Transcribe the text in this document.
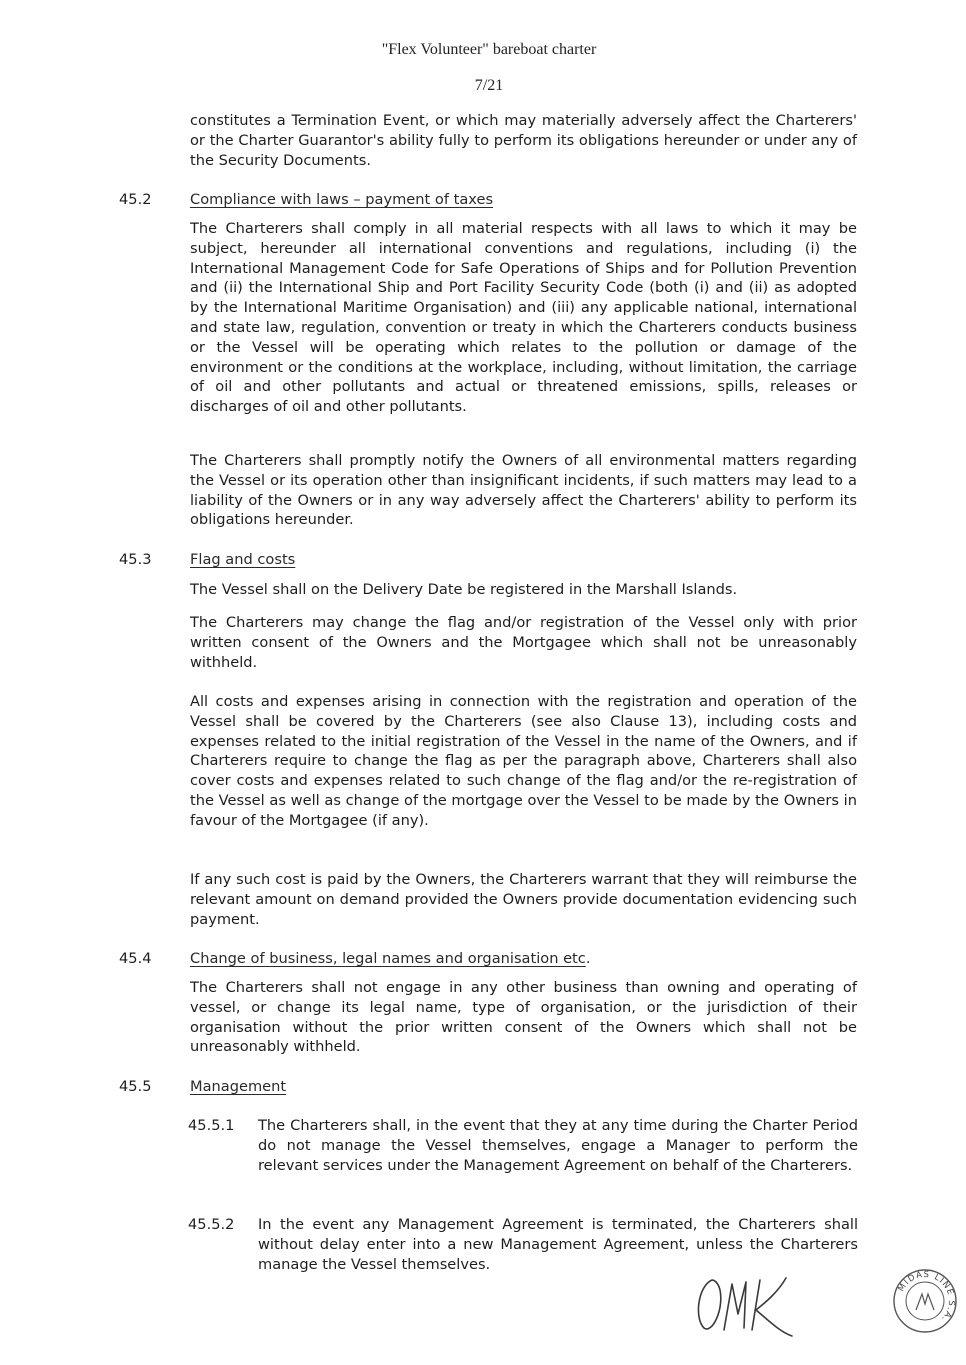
"Flex Volunteer" bareboat charter
7/21
constitutes a Termination Event, or which may materially adversely affect the Charterers' or the Charter Guarantor's ability fully to perform its obligations hereunder or under any of the Security Documents.
45.2	Compliance with laws – payment of taxes
The Charterers shall comply in all material respects with all laws to which it may be subject, hereunder all international conventions and regulations, including (i) the International Management Code for Safe Operations of Ships and for Pollution Prevention and (ii) the International Ship and Port Facility Security Code (both (i) and (ii) as adopted by the International Maritime Organisation) and (iii) any applicable national, international and state law, regulation, convention or treaty in which the Charterers conducts business or the Vessel will be operating which relates to the pollution or damage of the environment or the conditions at the workplace, including, without limitation, the carriage of oil and other pollutants and actual or threatened emissions, spills, releases or discharges of oil and other pollutants.
The Charterers shall promptly notify the Owners of all environmental matters regarding the Vessel or its operation other than insignificant incidents, if such matters may lead to a liability of the Owners or in any way adversely affect the Charterers' ability to perform its obligations hereunder.
45.3	Flag and costs
The Vessel shall on the Delivery Date be registered in the Marshall Islands.
The Charterers may change the flag and/or registration of the Vessel only with prior written consent of the Owners and the Mortgagee which shall not be unreasonably withheld.
All costs and expenses arising in connection with the registration and operation of the Vessel shall be covered by the Charterers (see also Clause 13), including costs and expenses related to the initial registration of the Vessel in the name of the Owners, and if Charterers require to change the flag as per the paragraph above, Charterers shall also cover costs and expenses related to such change of the flag and/or the re-registration of the Vessel as well as change of the mortgage over the Vessel to be made by the Owners in favour of the Mortgagee (if any).
If any such cost is paid by the Owners, the Charterers warrant that they will reimburse the relevant amount on demand provided the Owners provide documentation evidencing such payment.
45.4	Change of business, legal names and organisation etc.
The Charterers shall not engage in any other business than owning and operating of vessel, or change its legal name, type of organisation, or the jurisdiction of their organisation without the prior written consent of the Owners which shall not be unreasonably withheld.
45.5	Management
45.5.1 The Charterers shall, in the event that they at any time during the Charter Period do not manage the Vessel themselves, engage a Manager to perform the relevant services under the Management Agreement on behalf of the Charterers.
45.5.2 In the event any Management Agreement is terminated, the Charterers shall without delay enter into a new Management Agreement, unless the Charterers manage the Vessel themselves.
MIDAS LINE S.A.
